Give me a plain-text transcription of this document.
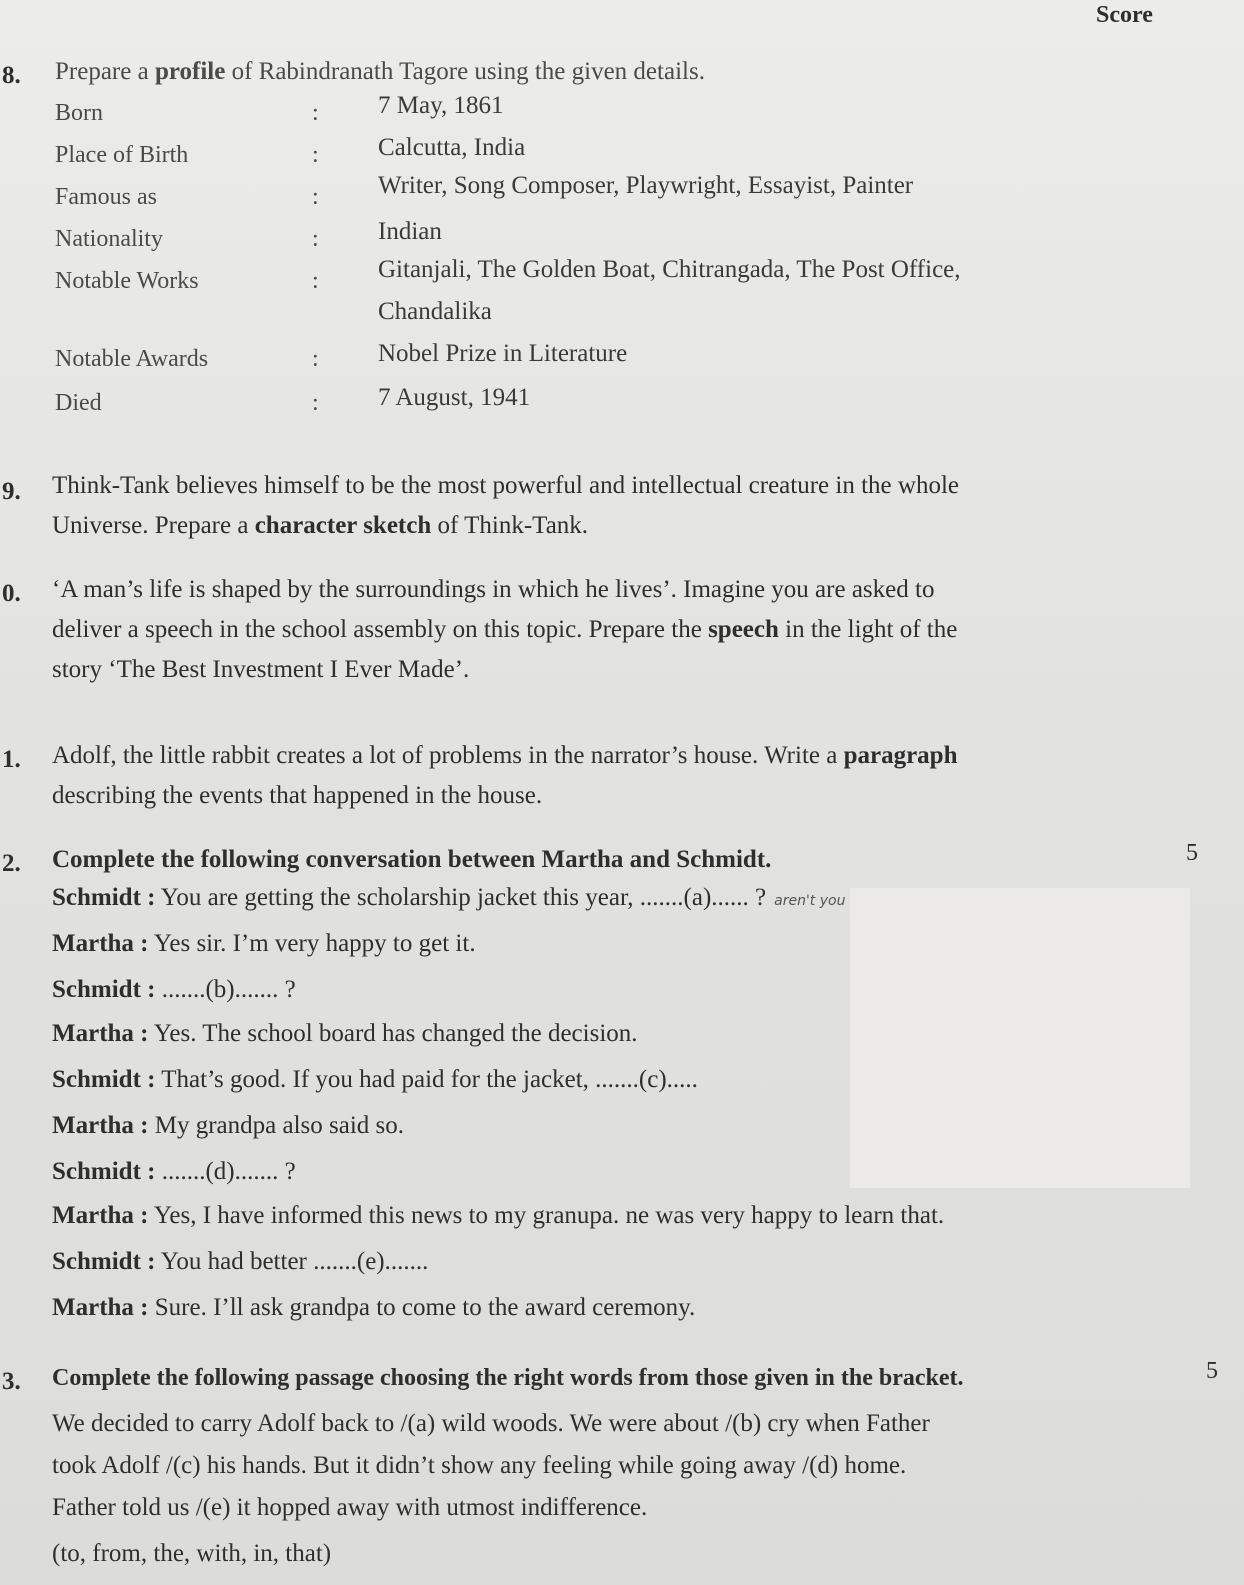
Score
8. Prepare a profile of Rabindranath Tagore using the given details.
Born	: 7 May, 1861
Place of Birth	: Calcutta, India
Famous as	: Writer, Song Composer, Playwright, Essayist, Painter
Nationality	: Indian
Notable Works	: Gitanjali, The Golden Boat, Chitrangada, The Post Office,
Chandalika
Notable Awards	: Nobel Prize in Literature
Died	: 7 August, 1941
9. Think-Tank believes himself to be the most powerful and intellectual creature in the whole
Universe. Prepare a character sketch of Think-Tank.
0. ‘A man’s life is shaped by the surroundings in which he lives’. Imagine you are asked to
deliver a speech in the school assembly on this topic. Prepare the speech in the light of the
story ‘The Best Investment I Ever Made’.
1. Adolf, the little rabbit creates a lot of problems in the narrator’s house. Write a paragraph
describing the events that happened in the house.
2. Complete the following conversation between Martha and Schmidt.	5
Schmidt : You are getting the scholarship jacket this year, .......(a)...... ? aren't you
Martha : Yes sir. I’m very happy to get it.
Schmidt : .......(b)....... ?
Martha : Yes. The school board has changed the decision.
Schmidt : That’s good. If you had paid for the jacket, .......(c).....
Martha : My grandpa also said so.
Schmidt : .......(d)....... ?
Martha : Yes, I have informed this news to my granupa. ne was very happy to learn that.
Schmidt : You had better .......(e).......
Martha : Sure. I’ll ask grandpa to come to the award ceremony.
3. Complete the following passage choosing the right words from those given in the bracket.	5
We decided to carry Adolf back to /(a) wild woods. We were about /(b) cry when Father
took Adolf /(c) his hands. But it didn’t show any feeling while going away /(d) home.
Father told us /(e) it hopped away with utmost indifference.
(to, from, the, with, in, that)
